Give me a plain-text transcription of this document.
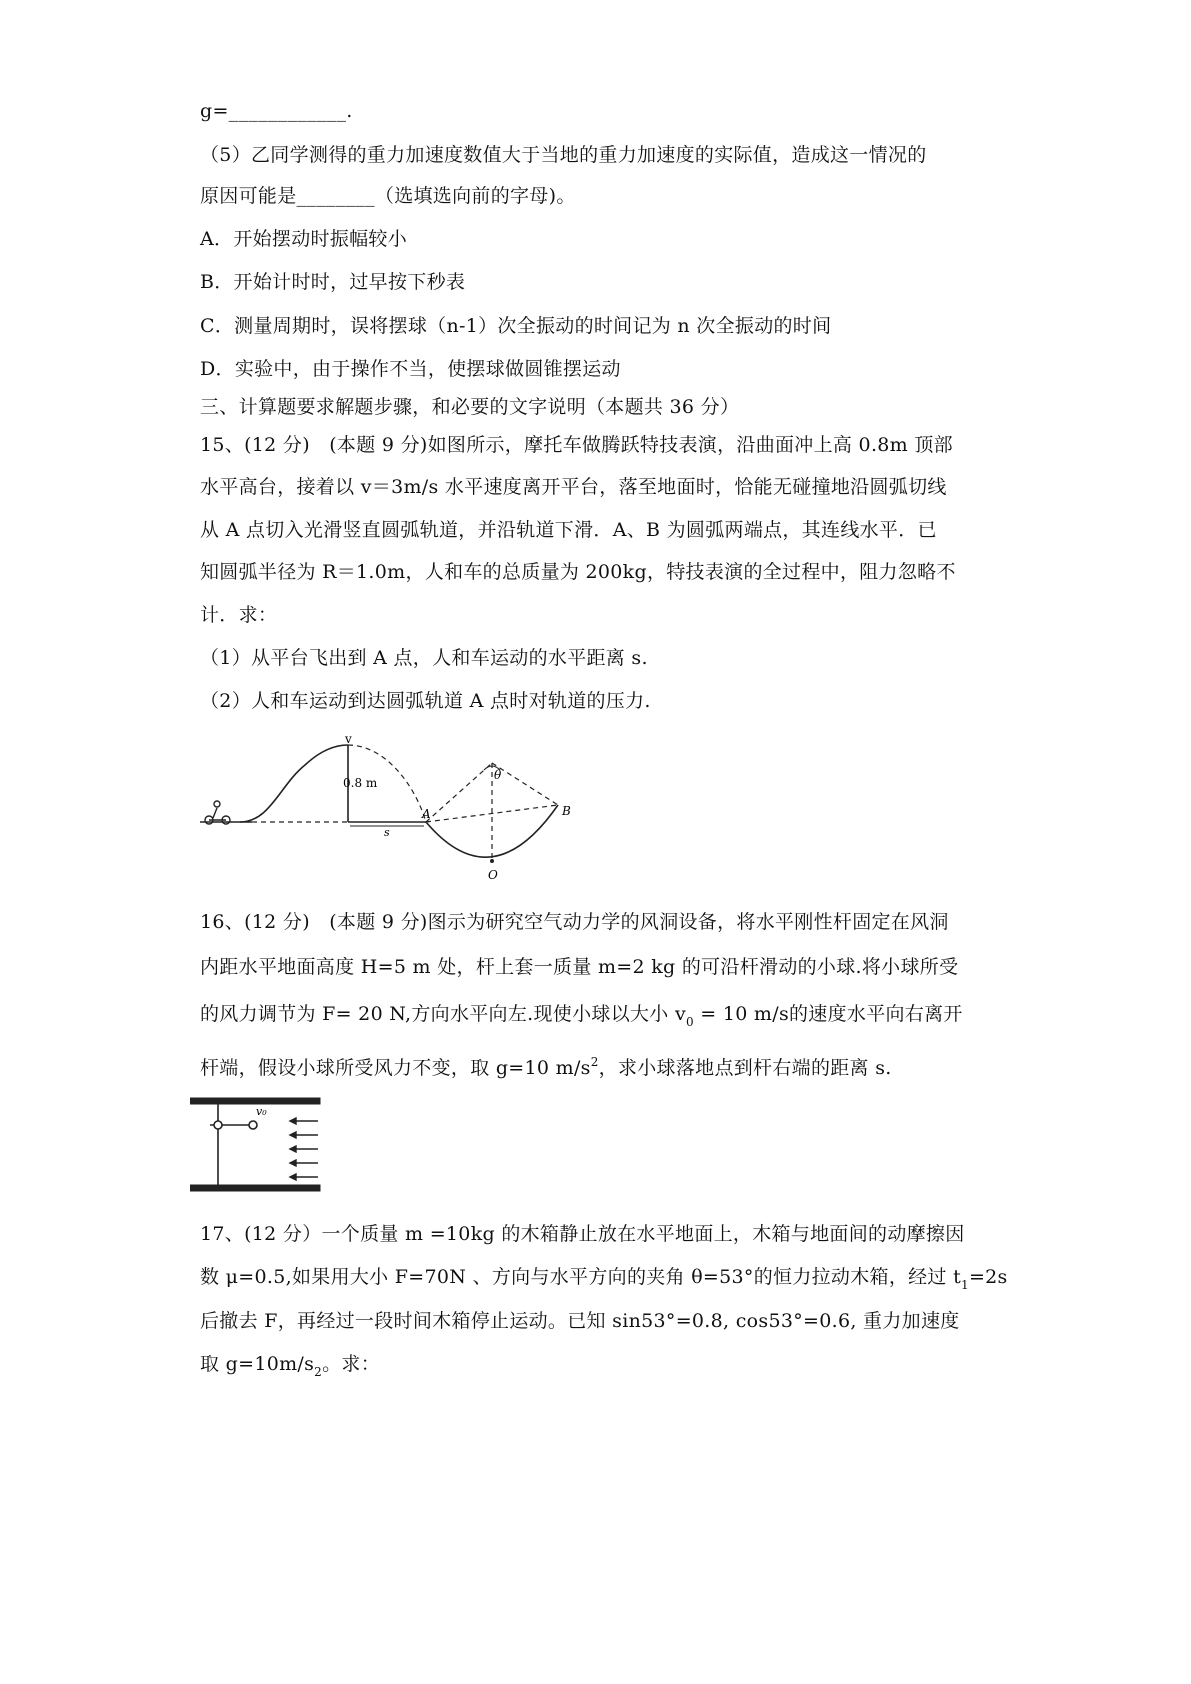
g=____________.
（5）乙同学测得的重力加速度数值大于当地的重力加速度的实际值，造成这一情况的
原因可能是________（选填选向前的字母)。
A．开始摆动时振幅较小
B．开始计时时，过早按下秒表
C．测量周期时，误将摆球（n-1）次全振动的时间记为 n 次全振动的时间
D．实验中，由于操作不当，使摆球做圆锥摆运动
三、计算题要求解题步骤，和必要的文字说明（本题共 36 分）
15、(12 分)　(本题 9 分)如图所示，摩托车做腾跃特技表演，沿曲面冲上高 0.8m 顶部
水平高台，接着以 v＝3m/s 水平速度离开平台，落至地面时，恰能无碰撞地沿圆弧切线
从 A 点切入光滑竖直圆弧轨道，并沿轨道下滑．A、B 为圆弧两端点，其连线水平．已
知圆弧半径为 R＝1.0m，人和车的总质量为 200kg，特技表演的全过程中，阻力忽略不
计．求：
（1）从平台飞出到 A 点，人和车运动的水平距离 s.
（2）人和车运动到达圆弧轨道 A 点时对轨道的压力.
v
0.8 m
A
s
θ
B
O
16、(12 分)　(本题 9 分)图示为研究空气动力学的风洞设备，将水平刚性杆固定在风洞
内距水平地面高度 H=5 m 处，杆上套一质量 m=2 kg 的可沿杆滑动的小球.将小球所受
的风力调节为 F= 20 N,方向水平向左.现使小球以大小 $v_0 = 10$ m/s的速度水平向右离开
杆端，假设小球所受风力不变，取 g=10 $m/s^2$，求小球落地点到杆右端的距离 s.
v₀
17、(12 分）一个质量 m =10kg 的木箱静止放在水平地面上，木箱与地面间的动摩擦因
数 μ=0.5,如果用大小 F=70N 、方向与水平方向的夹角 θ=53°的恒力拉动木箱，经过 $t_1=2s$
后撤去 F，再经过一段时间木箱停止运动。已知 sin53°=0.8, cos53°=0.6, 重力加速度
取 $g=10m/s_2$。求：
